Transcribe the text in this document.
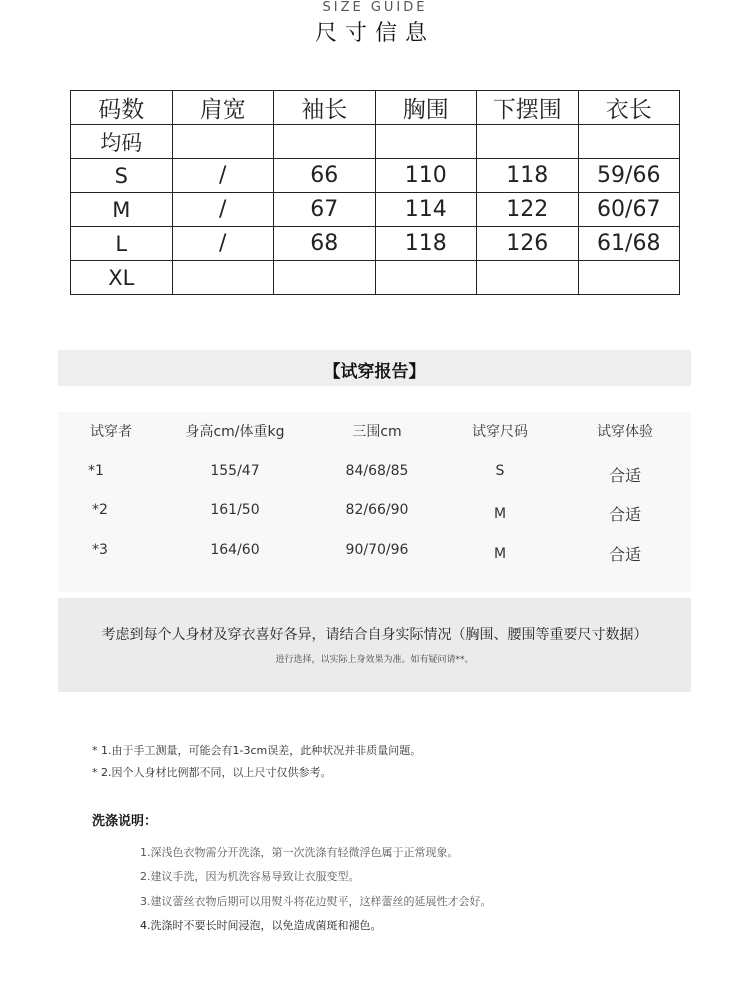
SIZE GUIDE
尺寸信息
码数	肩宽	袖长	胸围	下摆围	衣长
均码					
S	/	66	110	118	59/66
M	/	67	114	122	60/67
L	/	68	118	126	61/68
XL					
【试穿报告】
试穿者	身高cm/体重kg	三围cm	试穿尺码	试穿体验
*1	155/47	84/68/85	S	合适
*2	161/50	82/66/90	M	合适
*3	164/60	90/70/96	M	合适
考虑到每个人身材及穿衣喜好各异，请结合自身实际情况（胸围、腰围等重要尺寸数据）
进行选择，以实际上身效果为准。如有疑问请**。
* 1.由于手工测量，可能会有1-3cm误差，此种状况并非质量问题。
* 2.因个人身材比例都不同，以上尺寸仅供参考。
洗涤说明：
1.深浅色衣物需分开洗涤，第一次洗涤有轻微浮色属于正常现象。
2.建议手洗，因为机洗容易导致让衣服变型。
3.建议蕾丝衣物后期可以用熨斗将花边熨平，这样蕾丝的延展性才会好。
4.洗涤时不要长时间浸泡，以免造成菌斑和褪色。
